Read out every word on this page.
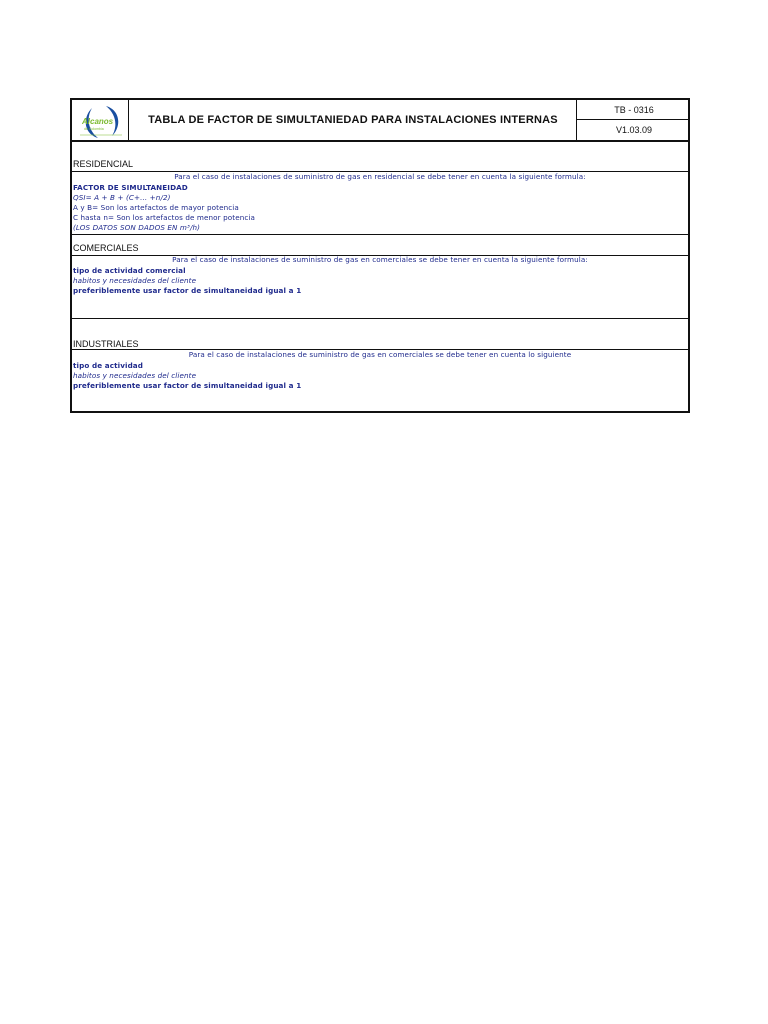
Alcanos
de Colombia
TABLA DE FACTOR DE SIMULTANIEDAD PARA INSTALACIONES INTERNAS
TB - 0316
V1.03.09
RESIDENCIAL
Para el caso de instalaciones de suministro de gas en residencial se debe tener en cuenta la siguiente formula:
FACTOR DE SIMULTANEIDAD
QSI= A + B + (C+... +n/2)
A y B= Son los artefactos de mayor potencia
C hasta n= Son los artefactos de menor potencia
(LOS DATOS SON DADOS EN m³/h)
COMERCIALES
Para el caso de instalaciones de suministro de gas en comerciales se debe tener en cuenta la siguiente formula:
tipo de actividad comercial
habitos y necesidades del cliente
preferiblemente usar factor de simultaneidad igual a 1
INDUSTRIALES
Para el caso de instalaciones de suministro de gas en comerciales se debe tener en cuenta lo siguiente
tipo de actividad
habitos y necesidades del cliente
preferiblemente usar factor de simultaneidad igual a 1
